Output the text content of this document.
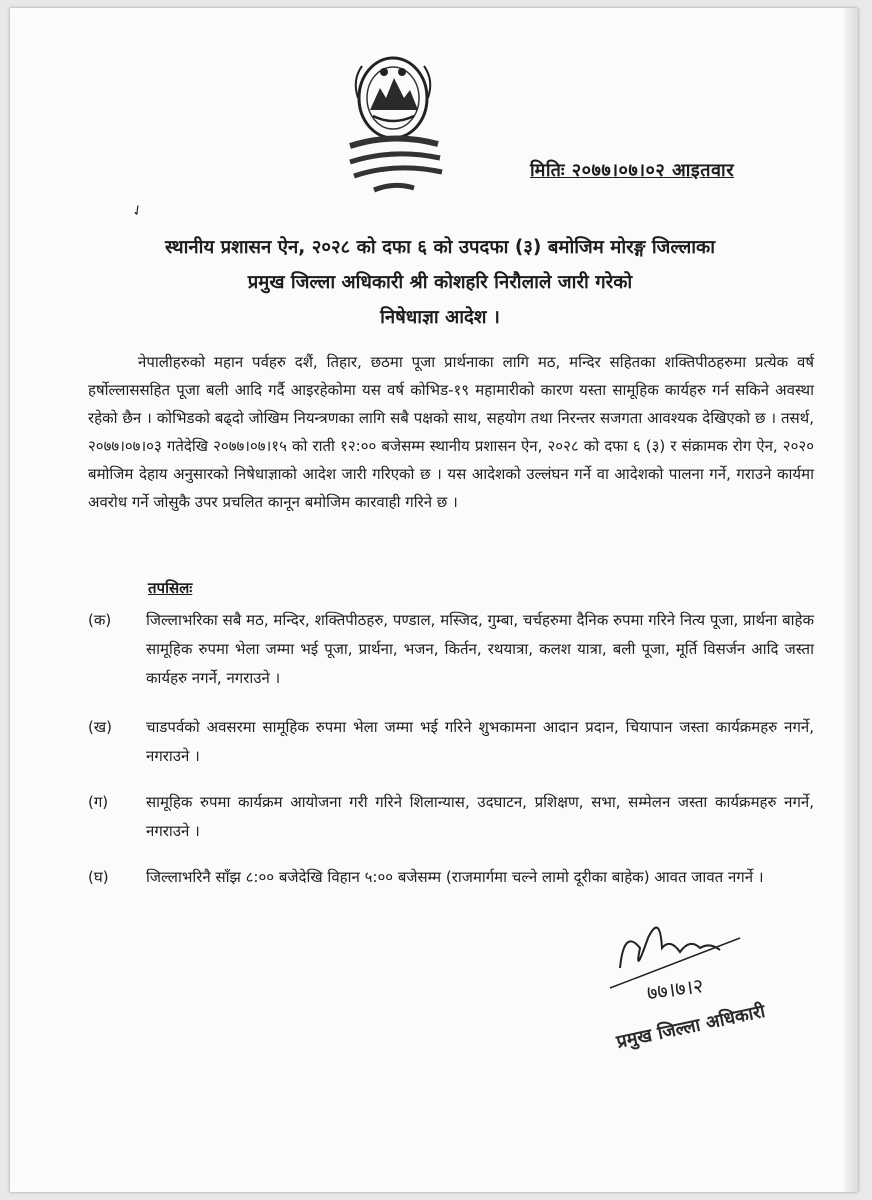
मितिः २०७७।०७।०२ आइतवार
✓
स्थानीय प्रशासन ऐन, २०२८ को दफा ६ को उपदफा (३) बमोजिम मोरङ्ग जिल्लाका
प्रमुख जिल्ला अधिकारी श्री कोशहरि निरौलाले जारी गरेको
निषेधाज्ञा आदेश ।
नेपालीहरुको महान पर्वहरु दशैं, तिहार, छठमा पूजा प्रार्थनाका लागि मठ, मन्दिर सहितका शक्तिपीठहरुमा प्रत्येक वर्ष हर्षोल्लाससहित पूजा बली आदि गर्दै आइरहेकोमा यस वर्ष कोभिड-१९ महामारीको कारण यस्ता सामूहिक कार्यहरु गर्न सकिने अवस्था रहेको छैन । कोभिडको बढ्दो जोखिम नियन्त्रणका लागि सबै पक्षको साथ, सहयोग तथा निरन्तर सजगता आवश्यक देखिएको छ । तसर्थ, २०७७।०७।०३ गतेदेखि २०७७।०७।१५ को राती १२:०० बजेसम्म स्थानीय प्रशासन ऐन, २०२८ को दफा ६ (३) र संक्रामक रोग ऐन, २०२० बमोजिम देहाय अनुसारको निषेधाज्ञाको आदेश जारी गरिएको छ । यस आदेशको उल्लंघन गर्ने वा आदेशको पालना गर्ने, गराउने कार्यमा अवरोध गर्ने जोसुकै उपर प्रचलित कानून बमोजिम कारवाही गरिने छ ।
तपसिलः
(क) जिल्लाभरिका सबै मठ, मन्दिर, शक्तिपीठहरु, पण्डाल, मस्जिद, गुम्बा, चर्चहरुमा दैनिक रुपमा गरिने नित्य पूजा, प्रार्थना बाहेक सामूहिक रुपमा भेला जम्मा भई पूजा, प्रार्थना, भजन, किर्तन, रथयात्रा, कलश यात्रा, बली पूजा, मूर्ति विसर्जन आदि जस्ता कार्यहरु नगर्ने, नगराउने ।
(ख) चाडपर्वको अवसरमा सामूहिक रुपमा भेला जम्मा भई गरिने शुभकामना आदान प्रदान, चियापान जस्ता कार्यक्रमहरु नगर्ने, नगराउने ।
(ग)	सामूहिक रुपमा कार्यक्रम आयोजना गरी गरिने शिलान्यास, उदघाटन, प्रशिक्षण, सभा, सम्मेलन जस्ता कार्यक्रमहरु नगर्ने, नगराउने ।
(घ) जिल्लाभरिनै साँझ ८:०० बजेदेखि विहान ५:०० बजेसम्म (राजमार्गमा चल्ने लामो दूरीका बाहेक) आवत जावत नगर्ने ।
७७।७।२
प्रमुख जिल्ला अधिकारी
